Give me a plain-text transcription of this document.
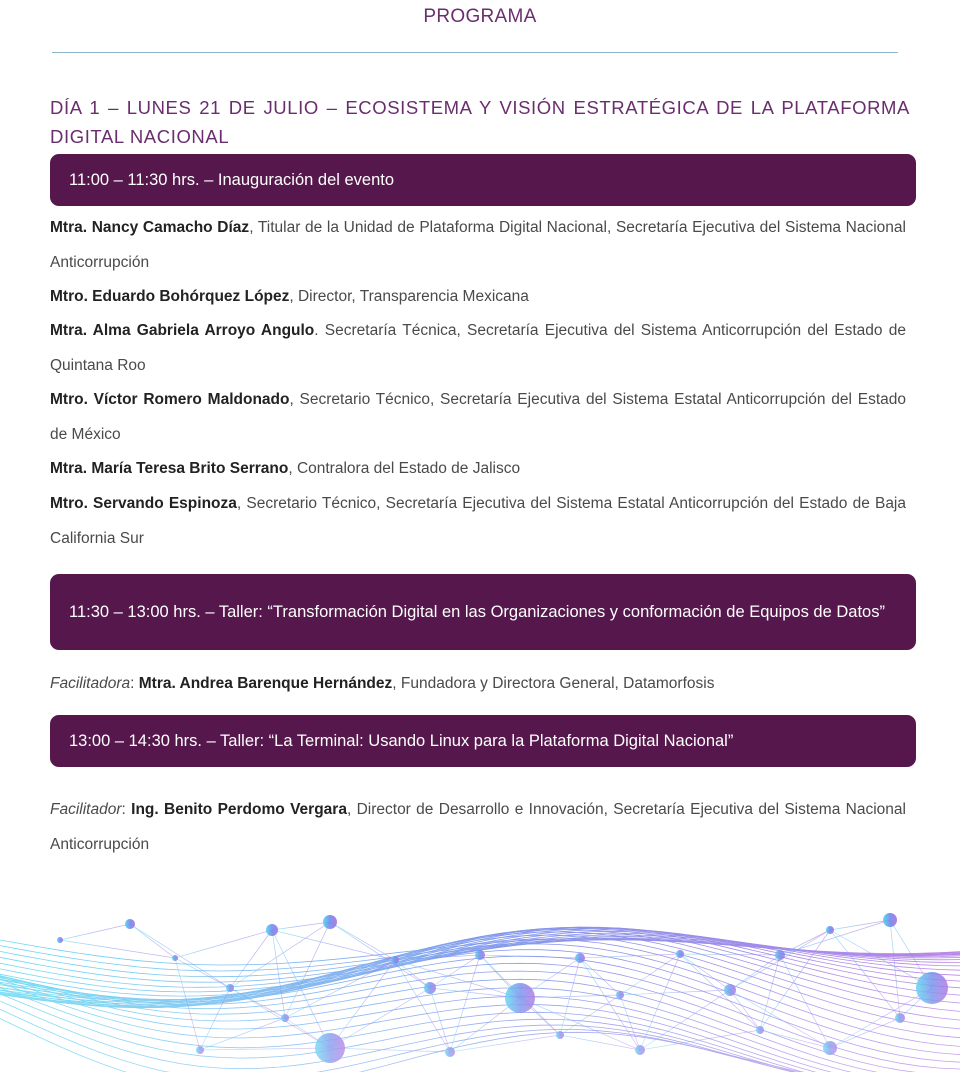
PROGRAMA
DÍA 1 – LUNES 21 DE JULIO – ECOSISTEMA Y VISIÓN ESTRATÉGICA DE LA PLATAFORMA DIGITAL NACIONAL
11:00 – 11:30 hrs. – Inauguración del evento
Mtra. Nancy Camacho Díaz, Titular de la Unidad de Plataforma Digital Nacional, Secretaría Ejecutiva del Sistema Nacional Anticorrupción
Mtro. Eduardo Bohórquez López, Director, Transparencia Mexicana
Mtra. Alma Gabriela Arroyo Angulo. Secretaría Técnica, Secretaría Ejecutiva del Sistema Anticorrupción del Estado de Quintana Roo
Mtro. Víctor Romero Maldonado, Secretario Técnico, Secretaría Ejecutiva del Sistema Estatal Anticorrupción del Estado de México
Mtra. María Teresa Brito Serrano, Contralora del Estado de Jalisco
Mtro. Servando Espinoza, Secretario Técnico, Secretaría Ejecutiva del Sistema Estatal Anticorrupción del Estado de Baja California Sur
11:30 – 13:00 hrs. – Taller: “Transformación Digital en las Organizaciones y conformación de Equipos de Datos”
Facilitadora: Mtra. Andrea Barenque Hernández, Fundadora y Directora General, Datamorfosis
13:00 – 14:30 hrs. – Taller: “La Terminal: Usando Linux para la Plataforma Digital Nacional”
Facilitador: Ing. Benito Perdomo Vergara, Director de Desarrollo e Innovación, Secretaría Ejecutiva del Sistema Nacional Anticorrupción
